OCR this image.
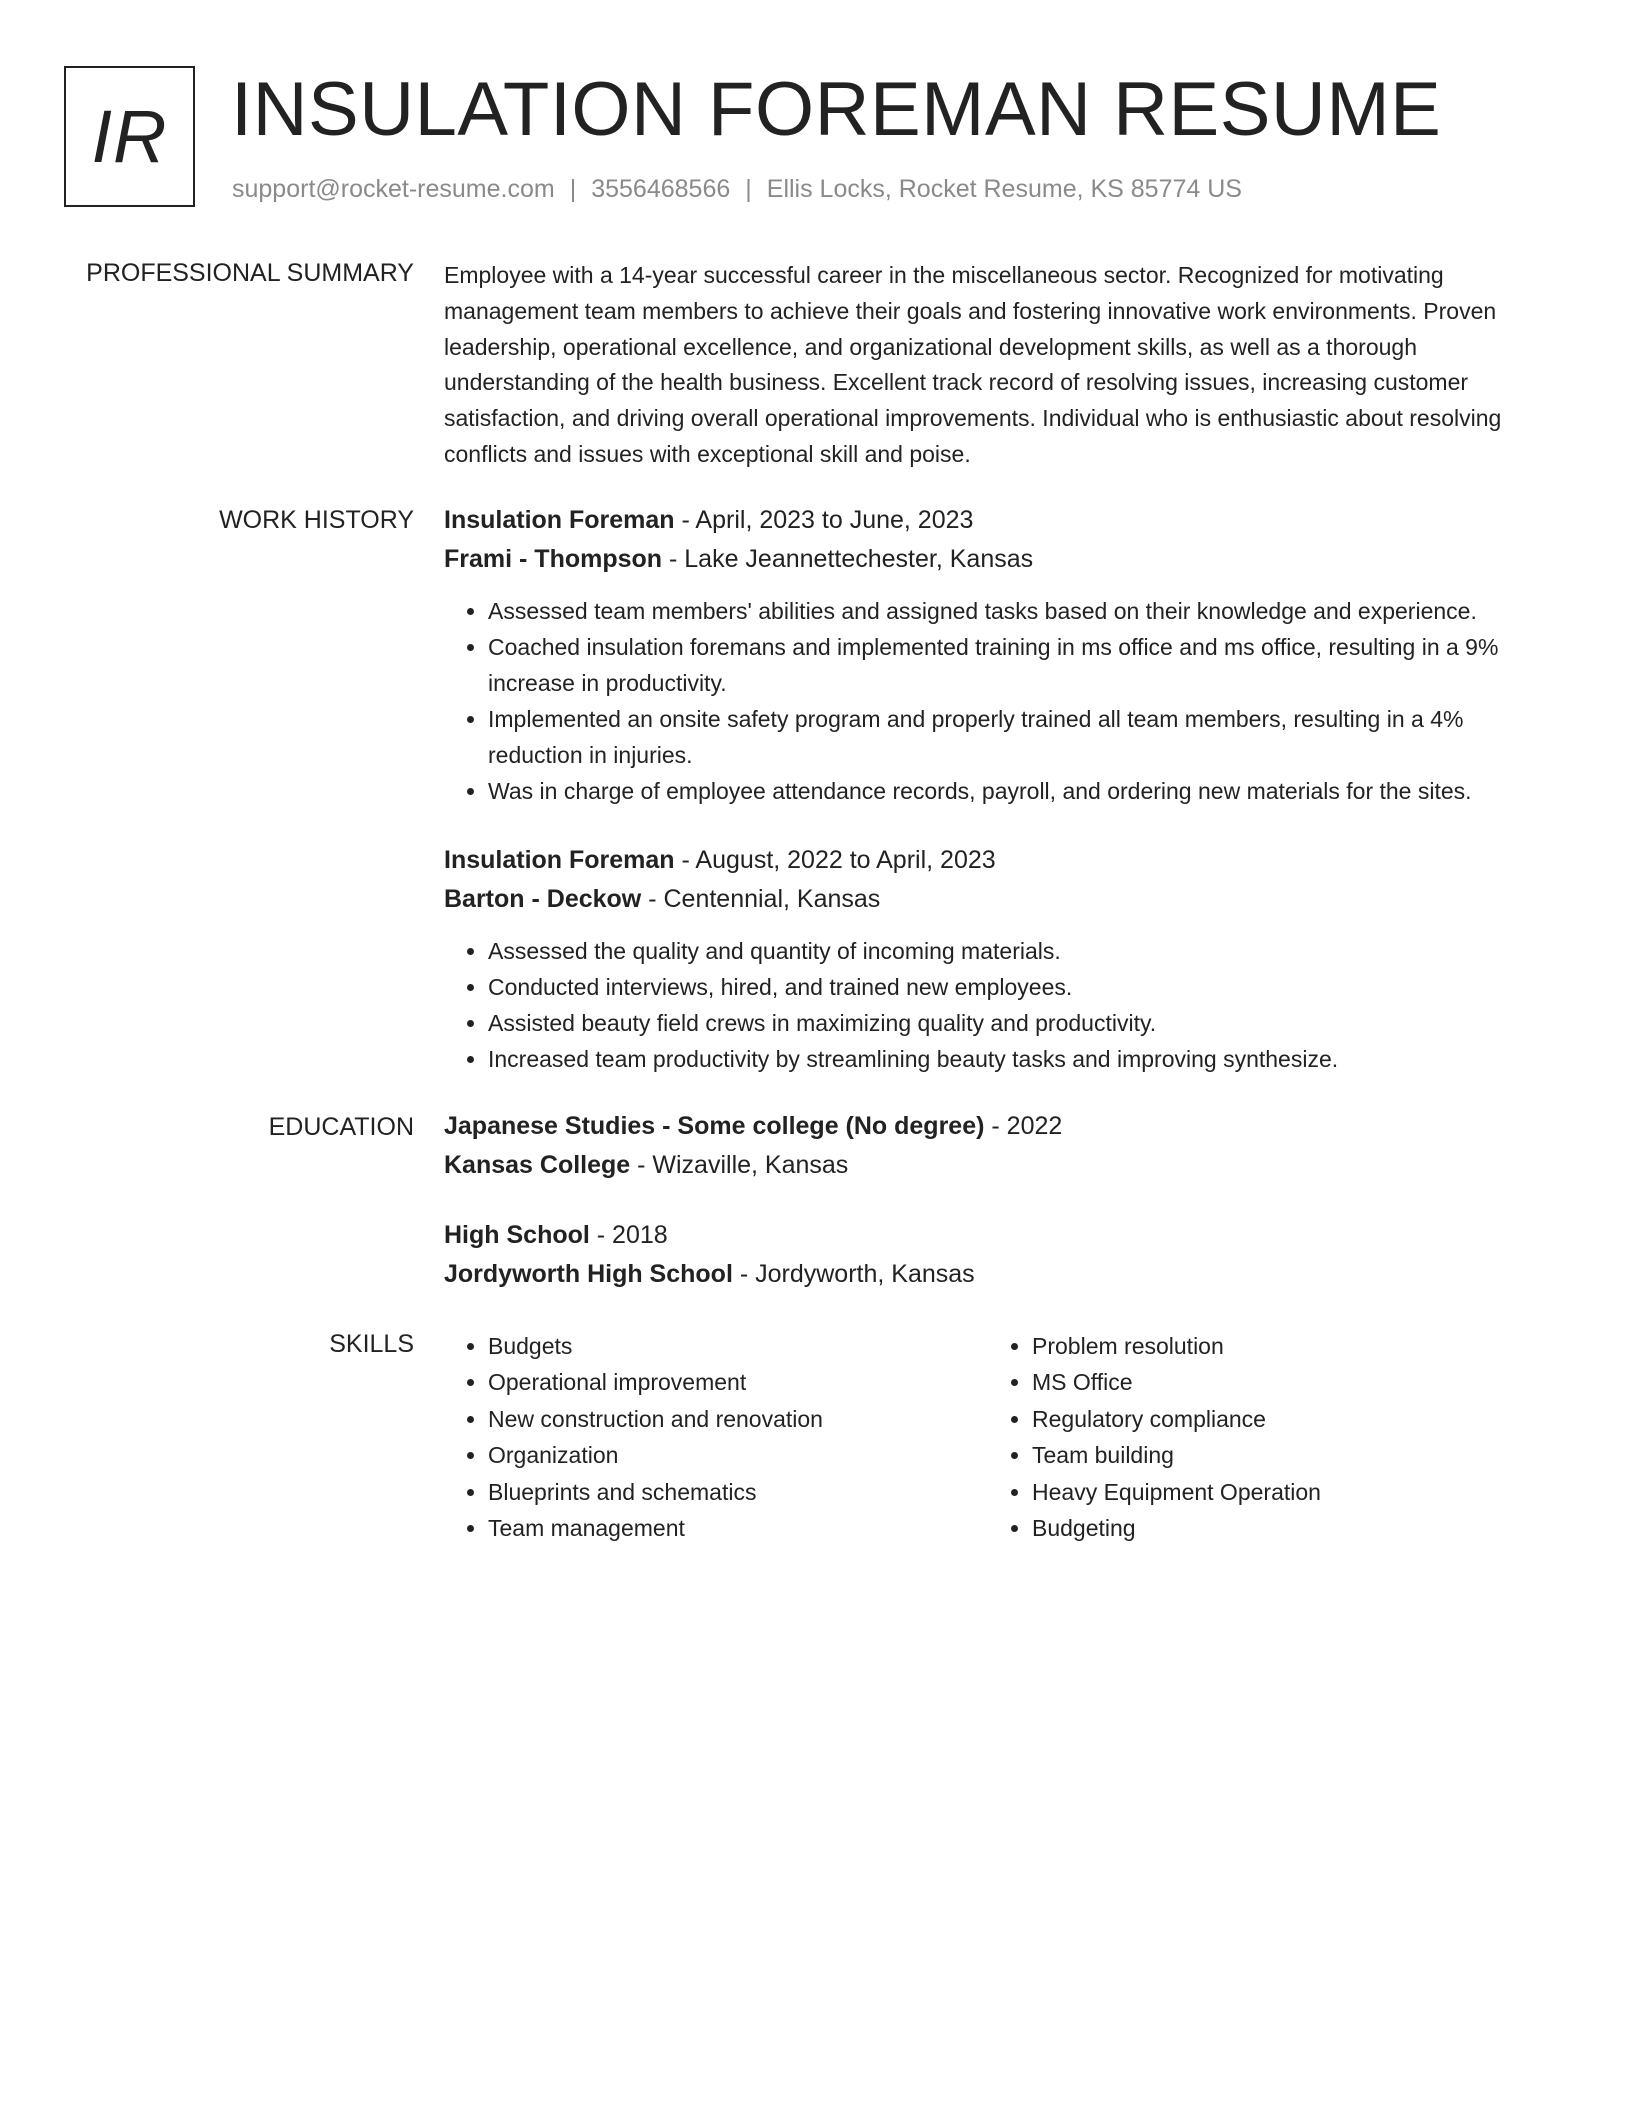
IR INSULATION FOREMAN RESUME
support@rocket-resume.com | 3556468566 | Ellis Locks, Rocket Resume, KS 85774 US
PROFESSIONAL SUMMARY Employee with a 14-year successful career in the miscellaneous sector. Recognized for motivating management team members to achieve their goals and fostering innovative work environments. Proven leadership, operational excellence, and organizational development skills, as well as a thorough understanding of the health business. Excellent track record of resolving issues, increasing customer satisfaction, and driving overall operational improvements. Individual who is enthusiastic about resolving conflicts and issues with exceptional skill and poise.

WORK HISTORY Insulation Foreman - April, 2023 to June, 2023
Frami - Thompson - Lake Jeannettechester, Kansas
• Assessed team members' abilities and assigned tasks based on their knowledge and experience.
• Coached insulation foremans and implemented training in ms office and ms office, resulting in a 9% increase in productivity.
• Implemented an onsite safety program and properly trained all team members, resulting in a 4% reduction in injuries.
• Was in charge of employee attendance records, payroll, and ordering new materials for the sites.
Insulation Foreman - August, 2022 to April, 2023
Barton - Deckow - Centennial, Kansas
• Assessed the quality and quantity of incoming materials.
• Conducted interviews, hired, and trained new employees.
• Assisted beauty field crews in maximizing quality and productivity.
• Increased team productivity by streamlining beauty tasks and improving synthesize.
EDUCATION Japanese Studies - Some college (No degree) - 2022
Kansas College - Wizaville, Kansas
High School - 2018
Jordyworth High School - Jordyworth, Kansas
SKILLS
•	Budgets
• Operational improvement
• New construction and renovation
• Organization
• Blueprints and schematics
• Team management
• Problem resolution
• MS Office
• Regulatory compliance
• Team building
• Heavy Equipment Operation
• Budgeting
